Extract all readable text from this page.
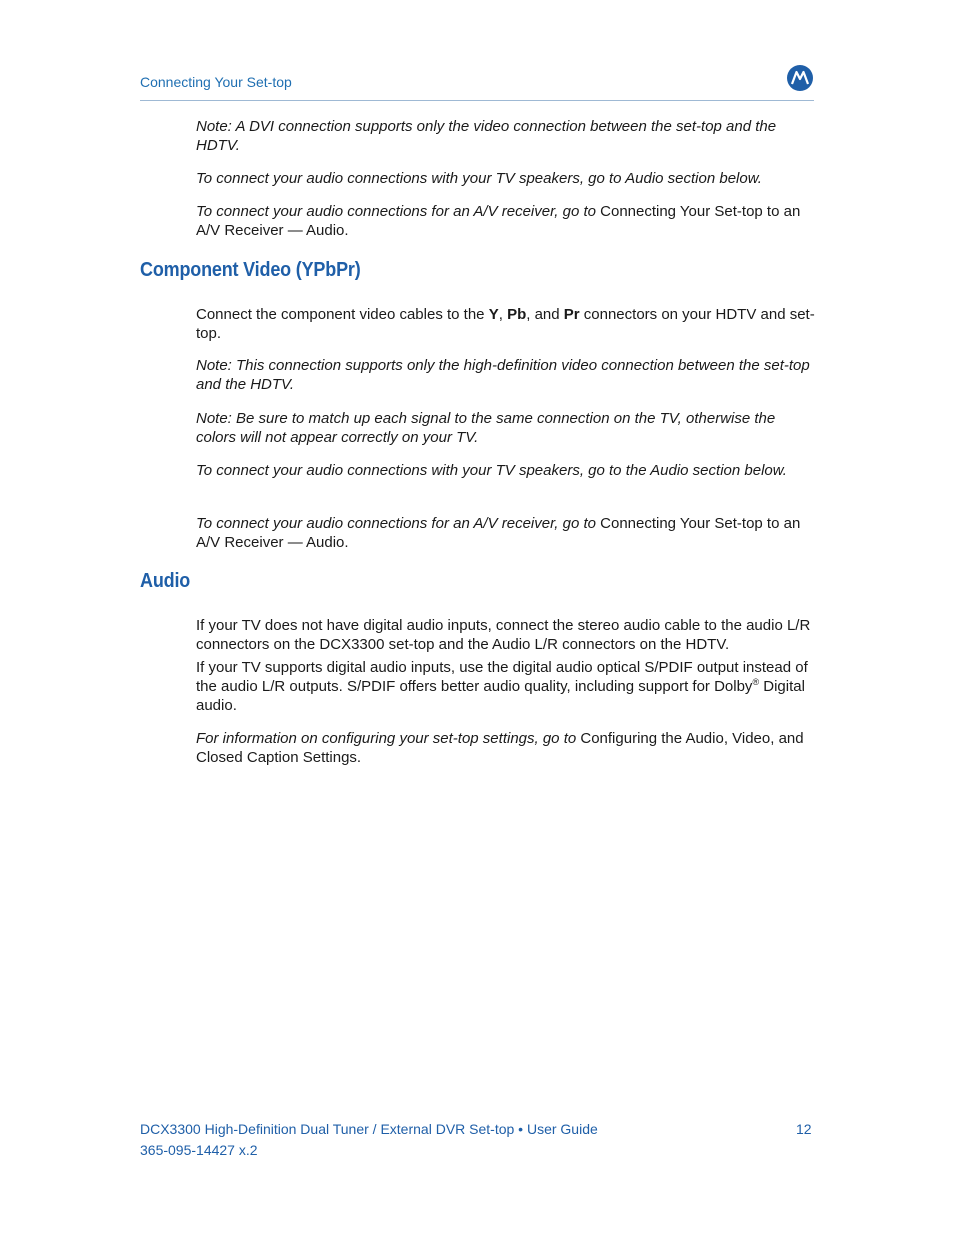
Connecting Your Set-top

Note: A DVI connection supports only the video connection between the set-top and the HDTV.

To connect your audio connections with your TV speakers, go to Audio section below.

To connect your audio connections for an A/V receiver, go to Connecting Your Set-top to an A/V Receiver — Audio.

Component Video (YPbPr)

Connect the component video cables to the Y, Pb, and Pr connectors on your HDTV and set-top.

Note: This connection supports only the high-definition video connection between the set-top and the HDTV.

Note: Be sure to match up each signal to the same connection on the TV, otherwise the colors will not appear correctly on your TV.

To connect your audio connections with your TV speakers, go to the Audio section below.

To connect your audio connections for an A/V receiver, go to Connecting Your Set-top to an A/V Receiver — Audio.

Audio

If your TV does not have digital audio inputs, connect the stereo audio cable to the audio L/R connectors on the DCX3300 set-top and the Audio L/R connectors on the HDTV.

If your TV supports digital audio inputs, use the digital audio optical S/PDIF output instead of the audio L/R outputs. S/PDIF offers better audio quality, including support for Dolby® Digital audio.

For information on configuring your set-top settings, go to Configuring the Audio, Video, and Closed Caption Settings.

DCX3300 High-Definition Dual Tuner / External DVR Set-top • User Guide
365-095-14427 x.2
12
